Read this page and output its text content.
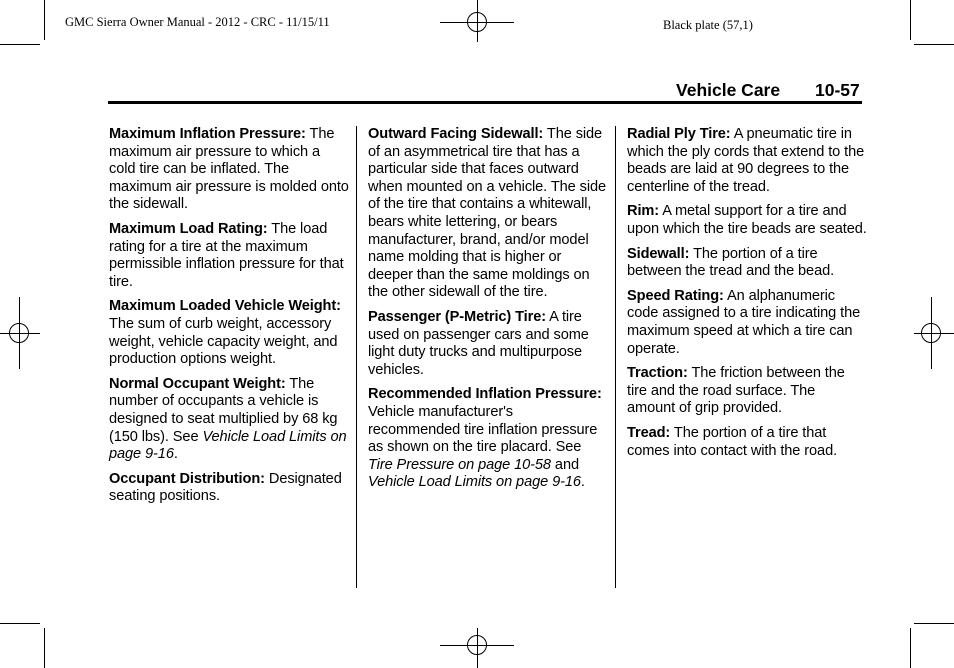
GMC Sierra Owner Manual - 2012 - CRC - 11/15/11	Black plate (57,1)
Vehicle Care 10-57

Maximum Inflation Pressure: The maximum air pressure to which a cold tire can be inflated. The maximum air pressure is molded onto the sidewall.

Maximum Load Rating: The load rating for a tire at the maximum permissible inflation pressure for that tire.

Maximum Loaded Vehicle Weight: The sum of curb weight, accessory weight, vehicle capacity weight, and production options weight.

Normal Occupant Weight: The number of occupants a vehicle is designed to seat multiplied by 68 kg (150 lbs). See Vehicle Load Limits on page 9-16.

Occupant Distribution: Designated seating positions.

Outward Facing Sidewall: The side of an asymmetrical tire that has a particular side that faces outward when mounted on a vehicle. The side of the tire that contains a whitewall, bears white lettering, or bears manufacturer, brand, and/or model name molding that is higher or deeper than the same moldings on the other sidewall of the tire.

Passenger (P-Metric) Tire: A tire used on passenger cars and some light duty trucks and multipurpose vehicles.

Recommended Inflation Pressure: Vehicle manufacturer's recommended tire inflation pressure as shown on the tire placard. See Tire Pressure on page 10-58 and Vehicle Load Limits on page 9-16.

Radial Ply Tire: A pneumatic tire in which the ply cords that extend to the beads are laid at 90 degrees to the centerline of the tread.

Rim: A metal support for a tire and upon which the tire beads are seated.

Sidewall: The portion of a tire between the tread and the bead.

Speed Rating: An alphanumeric code assigned to a tire indicating the maximum speed at which a tire can operate.

Traction: The friction between the tire and the road surface. The amount of grip provided.

Tread: The portion of a tire that comes into contact with the road.
